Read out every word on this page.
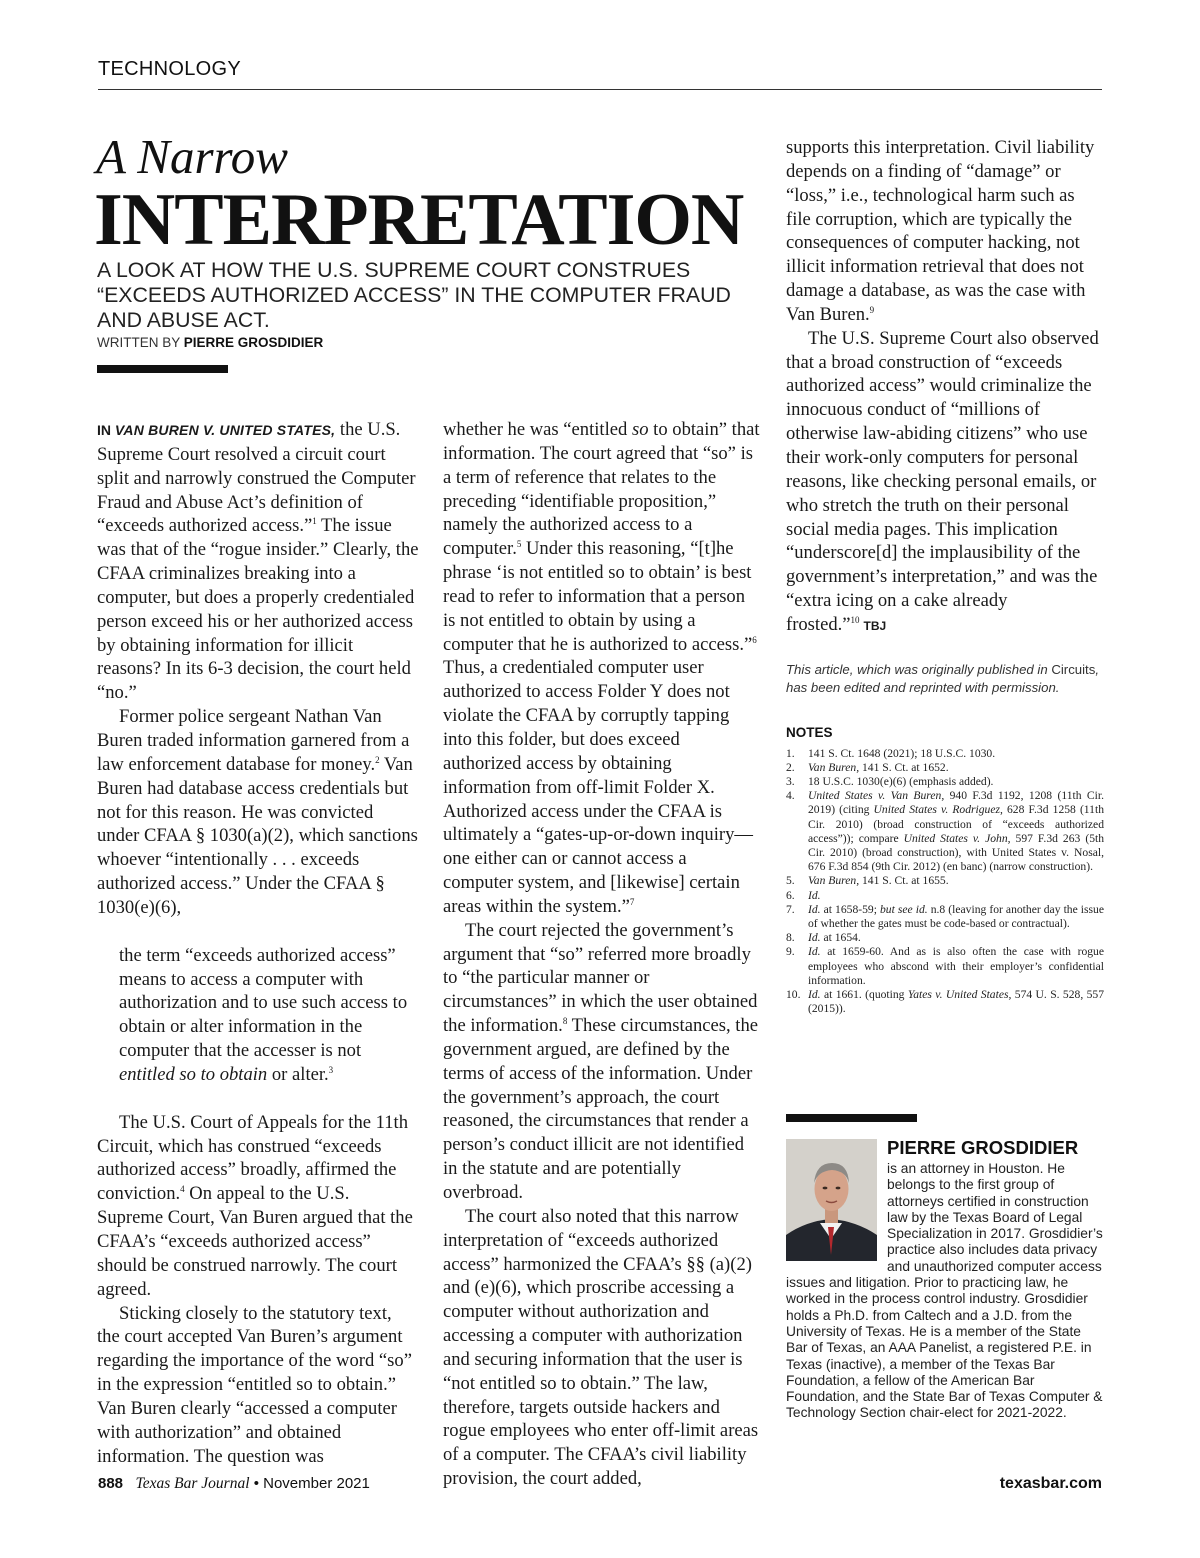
TECHNOLOGY
A Narrow
INTERPRETATION
A LOOK AT HOW THE U.S. SUPREME COURT CONSTRUES “EXCEEDS AUTHORIZED ACCESS” IN THE COMPUTER FRAUD AND ABUSE ACT.
WRITTEN BY PIERRE GROSDIDIER

IN VAN BUREN V. UNITED STATES, the U.S. Supreme Court resolved a circuit court split and narrowly construed the Computer Fraud and Abuse Act’s definition of “exceeds authorized access.”$^1$ The issue was that of the “rogue insider.” Clearly, the CFAA criminalizes breaking into a computer, but does a properly credentialed person exceed his or her authorized access by obtaining information for illicit reasons? In its 6-3 decision, the court held “no.”

Former police sergeant Nathan Van Buren traded information garnered from a law enforcement database for money.$^2$ Van Buren had database access credentials but not for this reason. He was convicted under CFAA § 1030(a)(2), which sanctions whoever “intentionally . . . exceeds authorized access.” Under the CFAA § 1030(e)(6),

the term “exceeds authorized access” means to access a computer with authorization and to use such access to obtain or alter information in the computer that the accesser is not entitled so to obtain or alter.$^3$

The U.S. Court of Appeals for the 11th Circuit, which has construed “exceeds authorized access” broadly, affirmed the conviction.$^4$ On appeal to the U.S. Supreme Court, Van Buren argued that the CFAA’s “exceeds authorized access” should be construed narrowly. The court agreed.

Sticking closely to the statutory text, the court accepted Van Buren’s argument regarding the importance of the word “so” in the expression “entitled so to obtain.” Van Buren clearly “accessed a computer with authorization” and obtained information. The question was

whether he was “entitled so to obtain” that information. The court agreed that “so” is a term of reference that relates to the preceding “identifiable proposition,” namely the authorized access to a computer.$^5$ Under this reasoning, “[t]he phrase ‘is not entitled so to obtain’ is best read to refer to information that a person is not entitled to obtain by using a computer that he is authorized to access.”$^6$ Thus, a credentialed computer user authorized to access Folder Y does not violate the CFAA by corruptly tapping into this folder, but does exceed authorized access by obtaining information from off-limit Folder X. Authorized access under the CFAA is ultimately a “gates-up-or-down inquiry—one either can or cannot access a computer system, and [likewise] certain areas within the system.”$^7$

The court rejected the government’s argument that “so” referred more broadly to “the particular manner or circumstances” in which the user obtained the information.$^8$ These circumstances, the government argued, are defined by the terms of access of the information. Under the government’s approach, the court reasoned, the circumstances that render a person’s conduct illicit are not identified in the statute and are potentially overbroad.

The court also noted that this narrow interpretation of “exceeds authorized access” harmonized the CFAA’s §§ (a)(2) and (e)(6), which proscribe accessing a computer without authorization and accessing a computer with authorization and securing information that the user is “not entitled so to obtain.” The law, therefore, targets outside hackers and rogue employees who enter off-limit areas of a computer. The CFAA’s civil liability provision, the court added,

supports this interpretation. Civil liability depends on a finding of “damage” or “loss,” i.e., technological harm such as file corruption, which are typically the consequences of computer hacking, not illicit information retrieval that does not damage a database, as was the case with Van Buren.$^9$

The U.S. Supreme Court also observed that a broad construction of “exceeds authorized access” would criminalize the innocuous conduct of “millions of otherwise law-abiding citizens” who use their work-only computers for personal reasons, like checking personal emails, or who stretch the truth on their personal social media pages. This implication “underscore[d] the implausibility of the government’s interpretation,” and was the “extra icing on a cake already frosted.”$^{10}$ TBJ

This article, which was originally published in Circuits, has been edited and reprinted with permission.

NOTES
1. 141 S. Ct. 1648 (2021); 18 U.S.C. 1030.
2. Van Buren, 141 S. Ct. at 1652.
3. 18 U.S.C. 1030(e)(6) (emphasis added).
4. United States v. Van Buren, 940 F.3d 1192, 1208 (11th Cir. 2019) (citing United States v. Rodriguez, 628 F.3d 1258 (11th Cir. 2010) (broad construction of “exceeds authorized access”)); compare United States v. John, 597 F.3d 263 (5th Cir. 2010) (broad construction), with United States v. Nosal, 676 F.3d 854 (9th Cir. 2012) (en banc) (narrow construction).
5. Van Buren, 141 S. Ct. at 1655.
6. Id.
7. Id. at 1658-59; but see id. n.8 (leaving for another day the issue of whether the gates must be code-based or contractual).
8. Id. at 1654.
9. Id. at 1659-60. And as is also often the case with rogue employees who abscond with their employer’s confidential information.
10. Id. at 1661. (quoting Yates v. United States, 574 U. S. 528, 557 (2015)).
PIERRE GROSDIDIER
is an attorney in Houston. He belongs to the first group of attorneys certified in construction law by the Texas Board of Legal Specialization in 2017. Grosdidier’s practice also includes data privacy and unauthorized computer access issues and litigation. Prior to practicing law, he worked in the process control industry. Grosdidier holds a Ph.D. from Caltech and a J.D. from the University of Texas. He is a member of the State Bar of Texas, an AAA Panelist, a registered P.E. in Texas (inactive), a member of the Texas Bar Foundation, a fellow of the American Bar Foundation, and the State Bar of Texas Computer & Technology Section chair-elect for 2021-2022.
888 Texas Bar Journal • November 2021	texasbar.com
